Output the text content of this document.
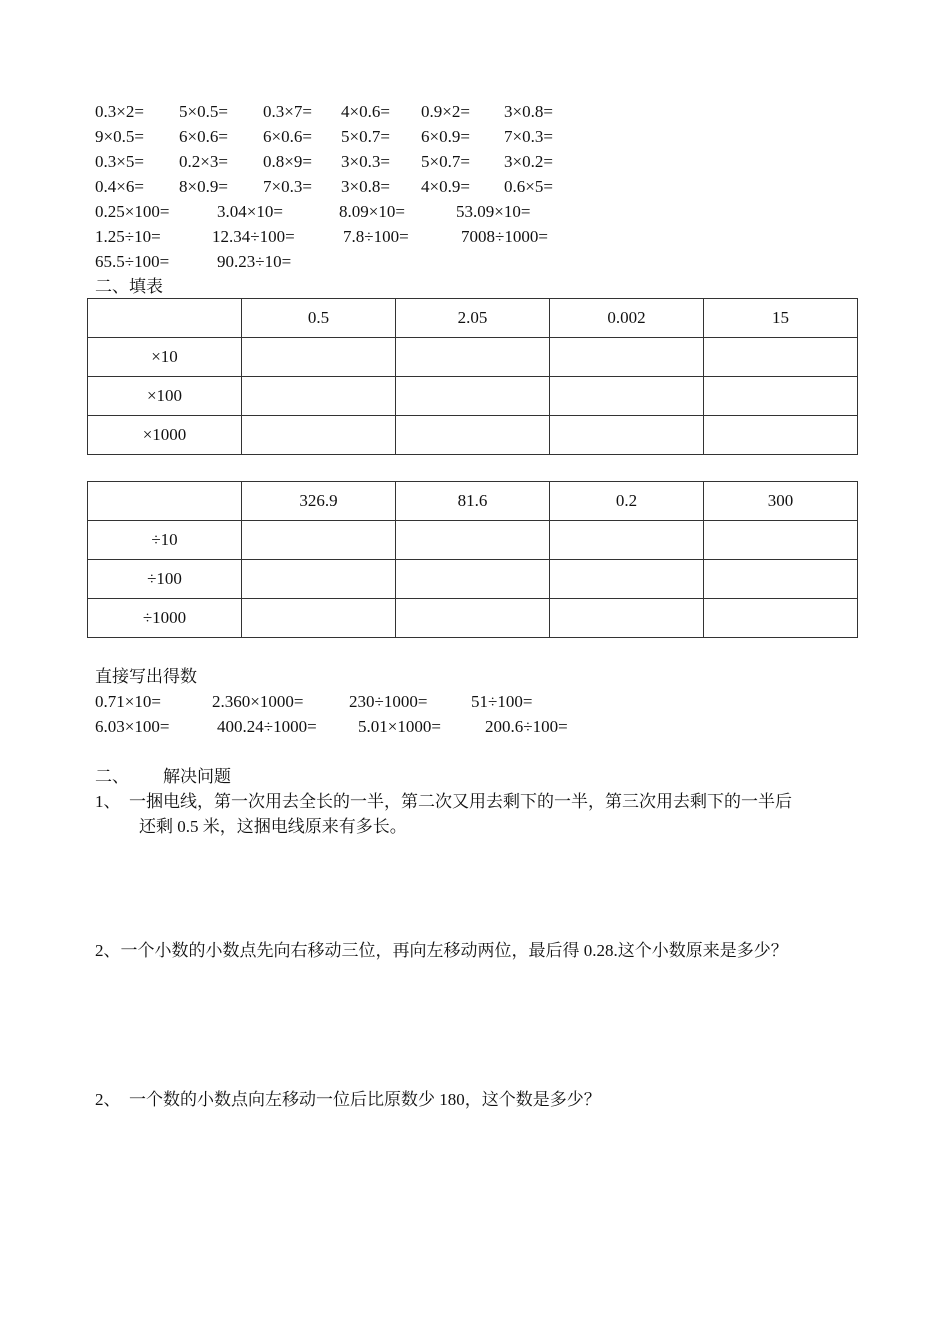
0.3×2= 5×0.5= 0.3×7= 4×0.6= 0.9×2= 3×0.8=
9×0.5= 6×0.6= 6×0.6= 5×0.7= 6×0.9= 7×0.3=
0.3×5= 0.2×3= 0.8×9= 3×0.3= 5×0.7= 3×0.2=
0.4×6= 8×0.9= 7×0.3= 3×0.8= 4×0.9= 0.6×5=
0.25×100=	3.04×10=	8.09×10=	53.09×10=
1.25÷10=	12.34÷100=	7.8÷100=	7008÷1000=
65.5÷100=	90.23÷10=
二、填表
	0.5	2.05	0.002	15
×10				
×100				
×1000				
	326.9	81.6	0.2	300
÷10				
÷100				
÷1000				
直接写出得数
0.71×10=	2.360×1000=	230÷1000=	51÷100=
6.03×100=	400.24÷1000= 5.01×1000=	200.6÷100=
二、 解决问题
1、 一捆电线，第一次用去全长的一半，第二次又用去剩下的一半，第三次用去剩下的一半后
还剩 0.5 米，这捆电线原来有多长。
2、一个小数的小数点先向右移动三位，再向左移动两位，最后得 0.28.这个小数原来是多少？
2、 一个数的小数点向左移动一位后比原数少 180，这个数是多少？
